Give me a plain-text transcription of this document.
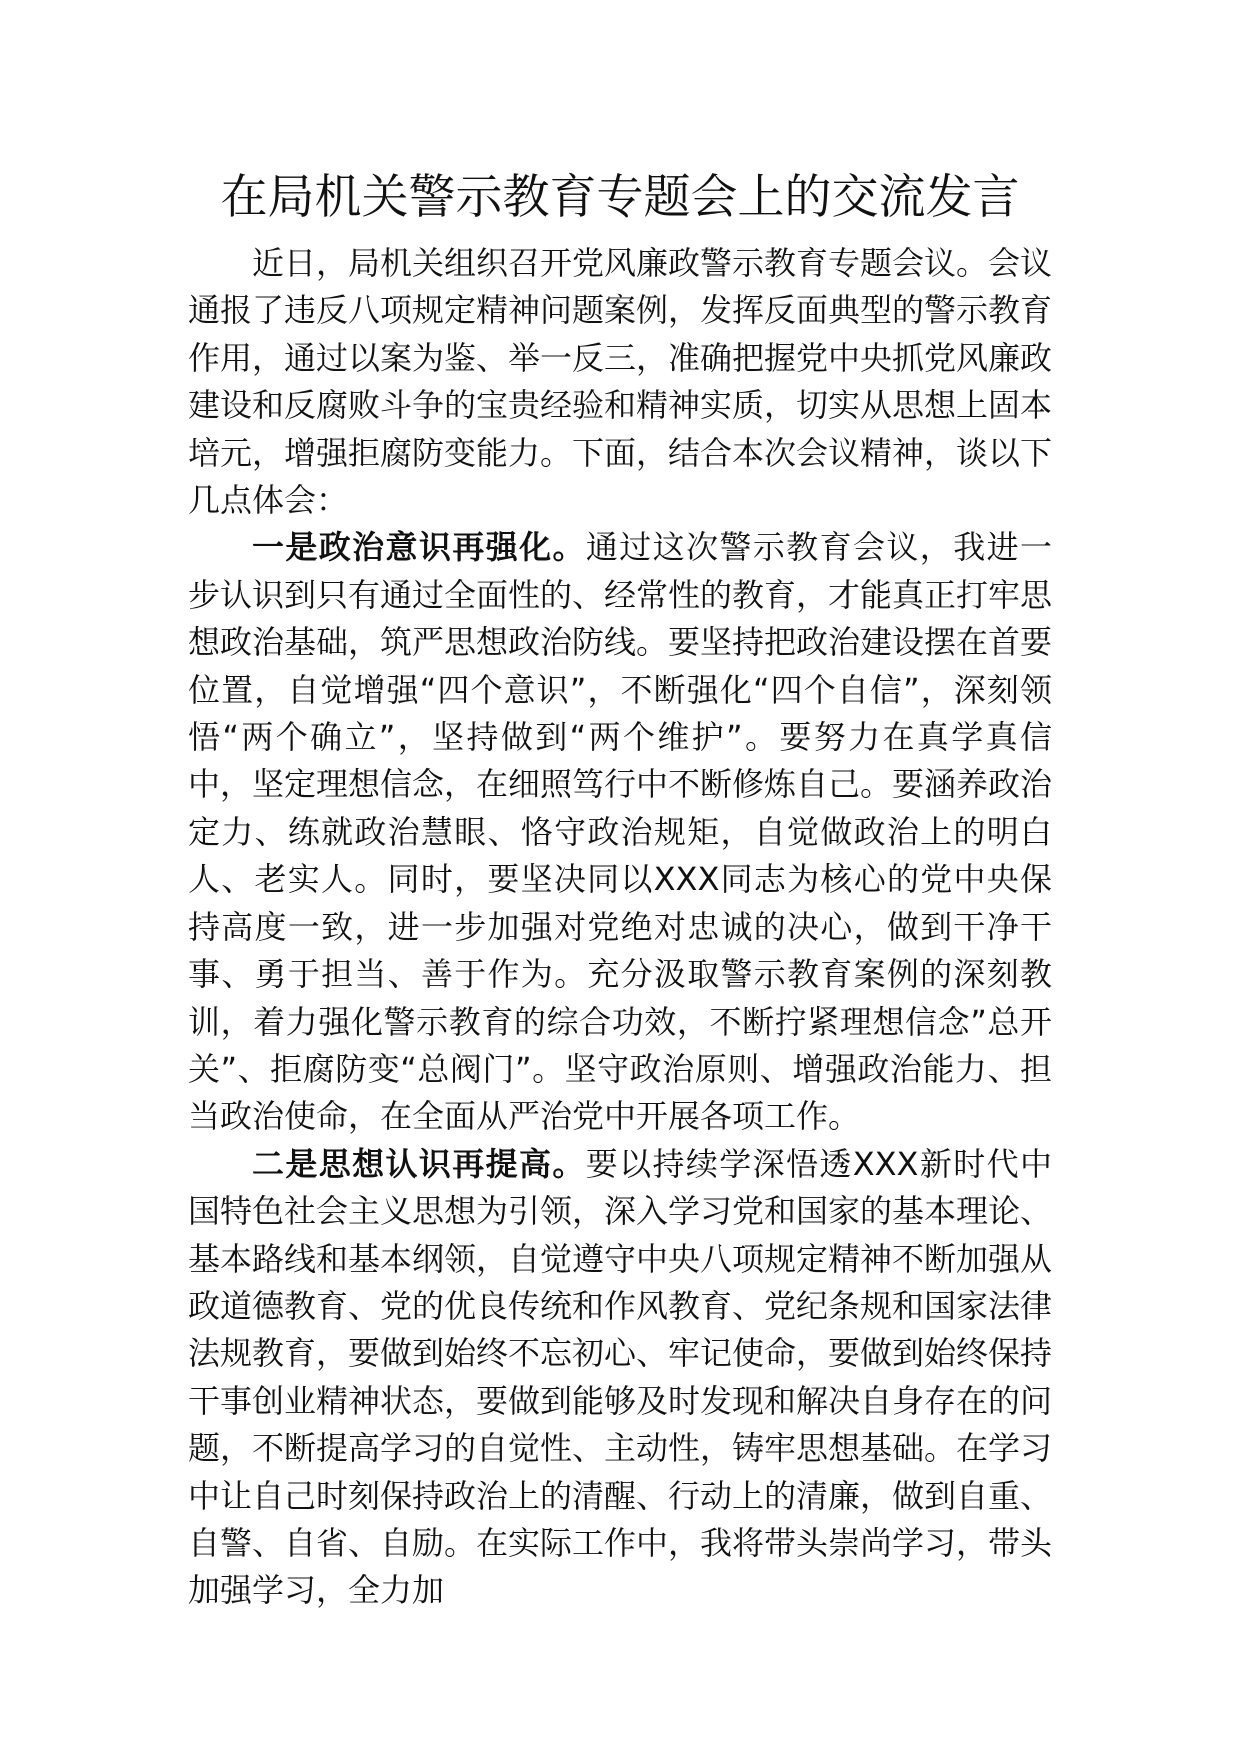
在局机关警示教育专题会上的交流发言

近日，局机关组织召开党风廉政警示教育专题会议。会议通报了违反八项规定精神问题案例，发挥反面典型的警示教育作用，通过以案为鉴、举一反三，准确把握党中央抓党风廉政建设和反腐败斗争的宝贵经验和精神实质，切实从思想上固本培元，增强拒腐防变能力。下面，结合本次会议精神，谈以下几点体会：

一是政治意识再强化。通过这次警示教育会议，我进一步认识到只有通过全面性的、经常性的教育，才能真正打牢思想政治基础，筑严思想政治防线。要坚持把政治建设摆在首要位置，自觉增强“四个意识”，不断强化“四个自信”，深刻领悟“两个确立”，坚持做到“两个维护”。要努力在真学真信中，坚定理想信念，在细照笃行中不断修炼自己。要涵养政治定力、练就政治慧眼、恪守政治规矩，自觉做政治上的明白人、老实人。同时，要坚决同以XXX同志为核心的党中央保持高度一致，进一步加强对党绝对忠诚的决心，做到干净干事、勇于担当、善于作为。充分汲取警示教育案例的深刻教训，着力强化警示教育的综合功效，不断拧紧理想信念”总开关”、拒腐防变“总阀门”。坚守政治原则、增强政治能力、担当政治使命，在全面从严治党中开展各项工作。

二是思想认识再提高。要以持续学深悟透XXX新时代中国特色社会主义思想为引领，深入学习党和国家的基本理论、基本路线和基本纲领，自觉遵守中央八项规定精神不断加强从政道德教育、党的优良传统和作风教育、党纪条规和国家法律法规教育，要做到始终不忘初心、牢记使命，要做到始终保持干事创业精神状态，要做到能够及时发现和解决自身存在的问题，不断提高学习的自觉性、主动性，铸牢思想基础。在学习中让自己时刻保持政治上的清醒、行动上的清廉，做到自重、自警、自省、自励。在实际工作中，我将带头崇尚学习，带头加强学习，全力加
